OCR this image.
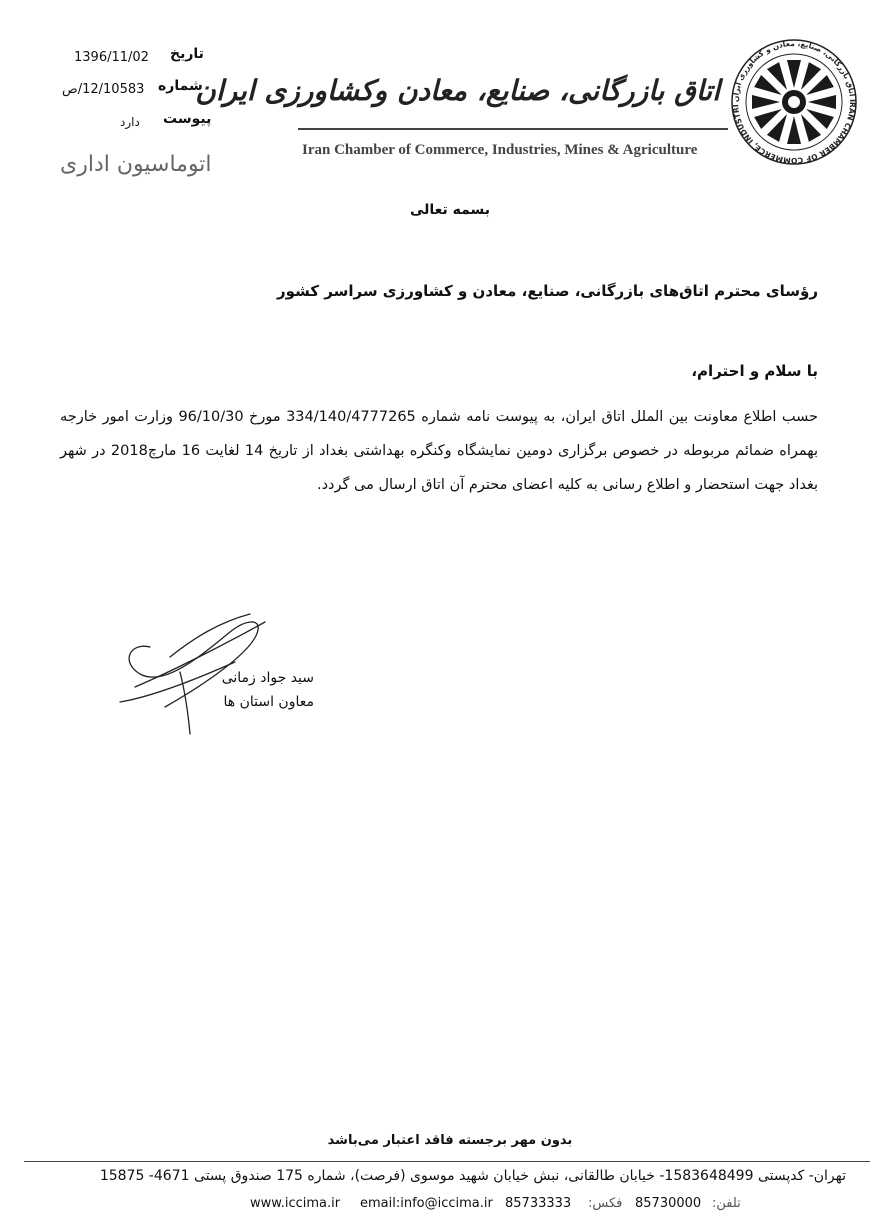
تاریخ
1396/11/02
شماره
12/10583/ص
پیوست
دارد
اتوماسیون اداری
اتاق بازرگانی، صنایع، معادن وکشاورزی ایران
Iran Chamber of Commerce, Industries, Mines & Agriculture
اتاق بازرگانی، صنایع، معادن و کشاورزی ایران IRAN CHAMBER OF COMMERCE, INDUSTRI
بسمه تعالی
رؤسای محترم اتاق‌های بازرگانی، صنایع، معادن و کشاورزی سراسر کشور
با سلام و احترام،
حسب اطلاع معاونت بین الملل اتاق ایران، به پیوست نامه شماره 334/140/4777265 مورخ 96/10/30 وزارت امور خارجه بهمراه ضمائم مربوطه در خصوص برگزاری دومین نمایشگاه وکنگره بهداشتی بغداد از تاریخ 14 لغایت 16 مارچ2018 در شهر بغداد جهت استحضار و اطلاع رسانی به کلیه اعضای محترم آن اتاق ارسال می گردد.
سید جواد زمانی
معاون استان ها
بدون مهر برجسته فاقد اعتبار می‌باشد
تهران- کدپستی 1583648499- خیابان طالقانی، نبش خیابان شهید موسوی (فرصت)، شماره 175 صندوق پستی 4671- 15875
www.iccima.ir email:info@iccima.ir 85733333 فکس: 85730000 تلفن:
